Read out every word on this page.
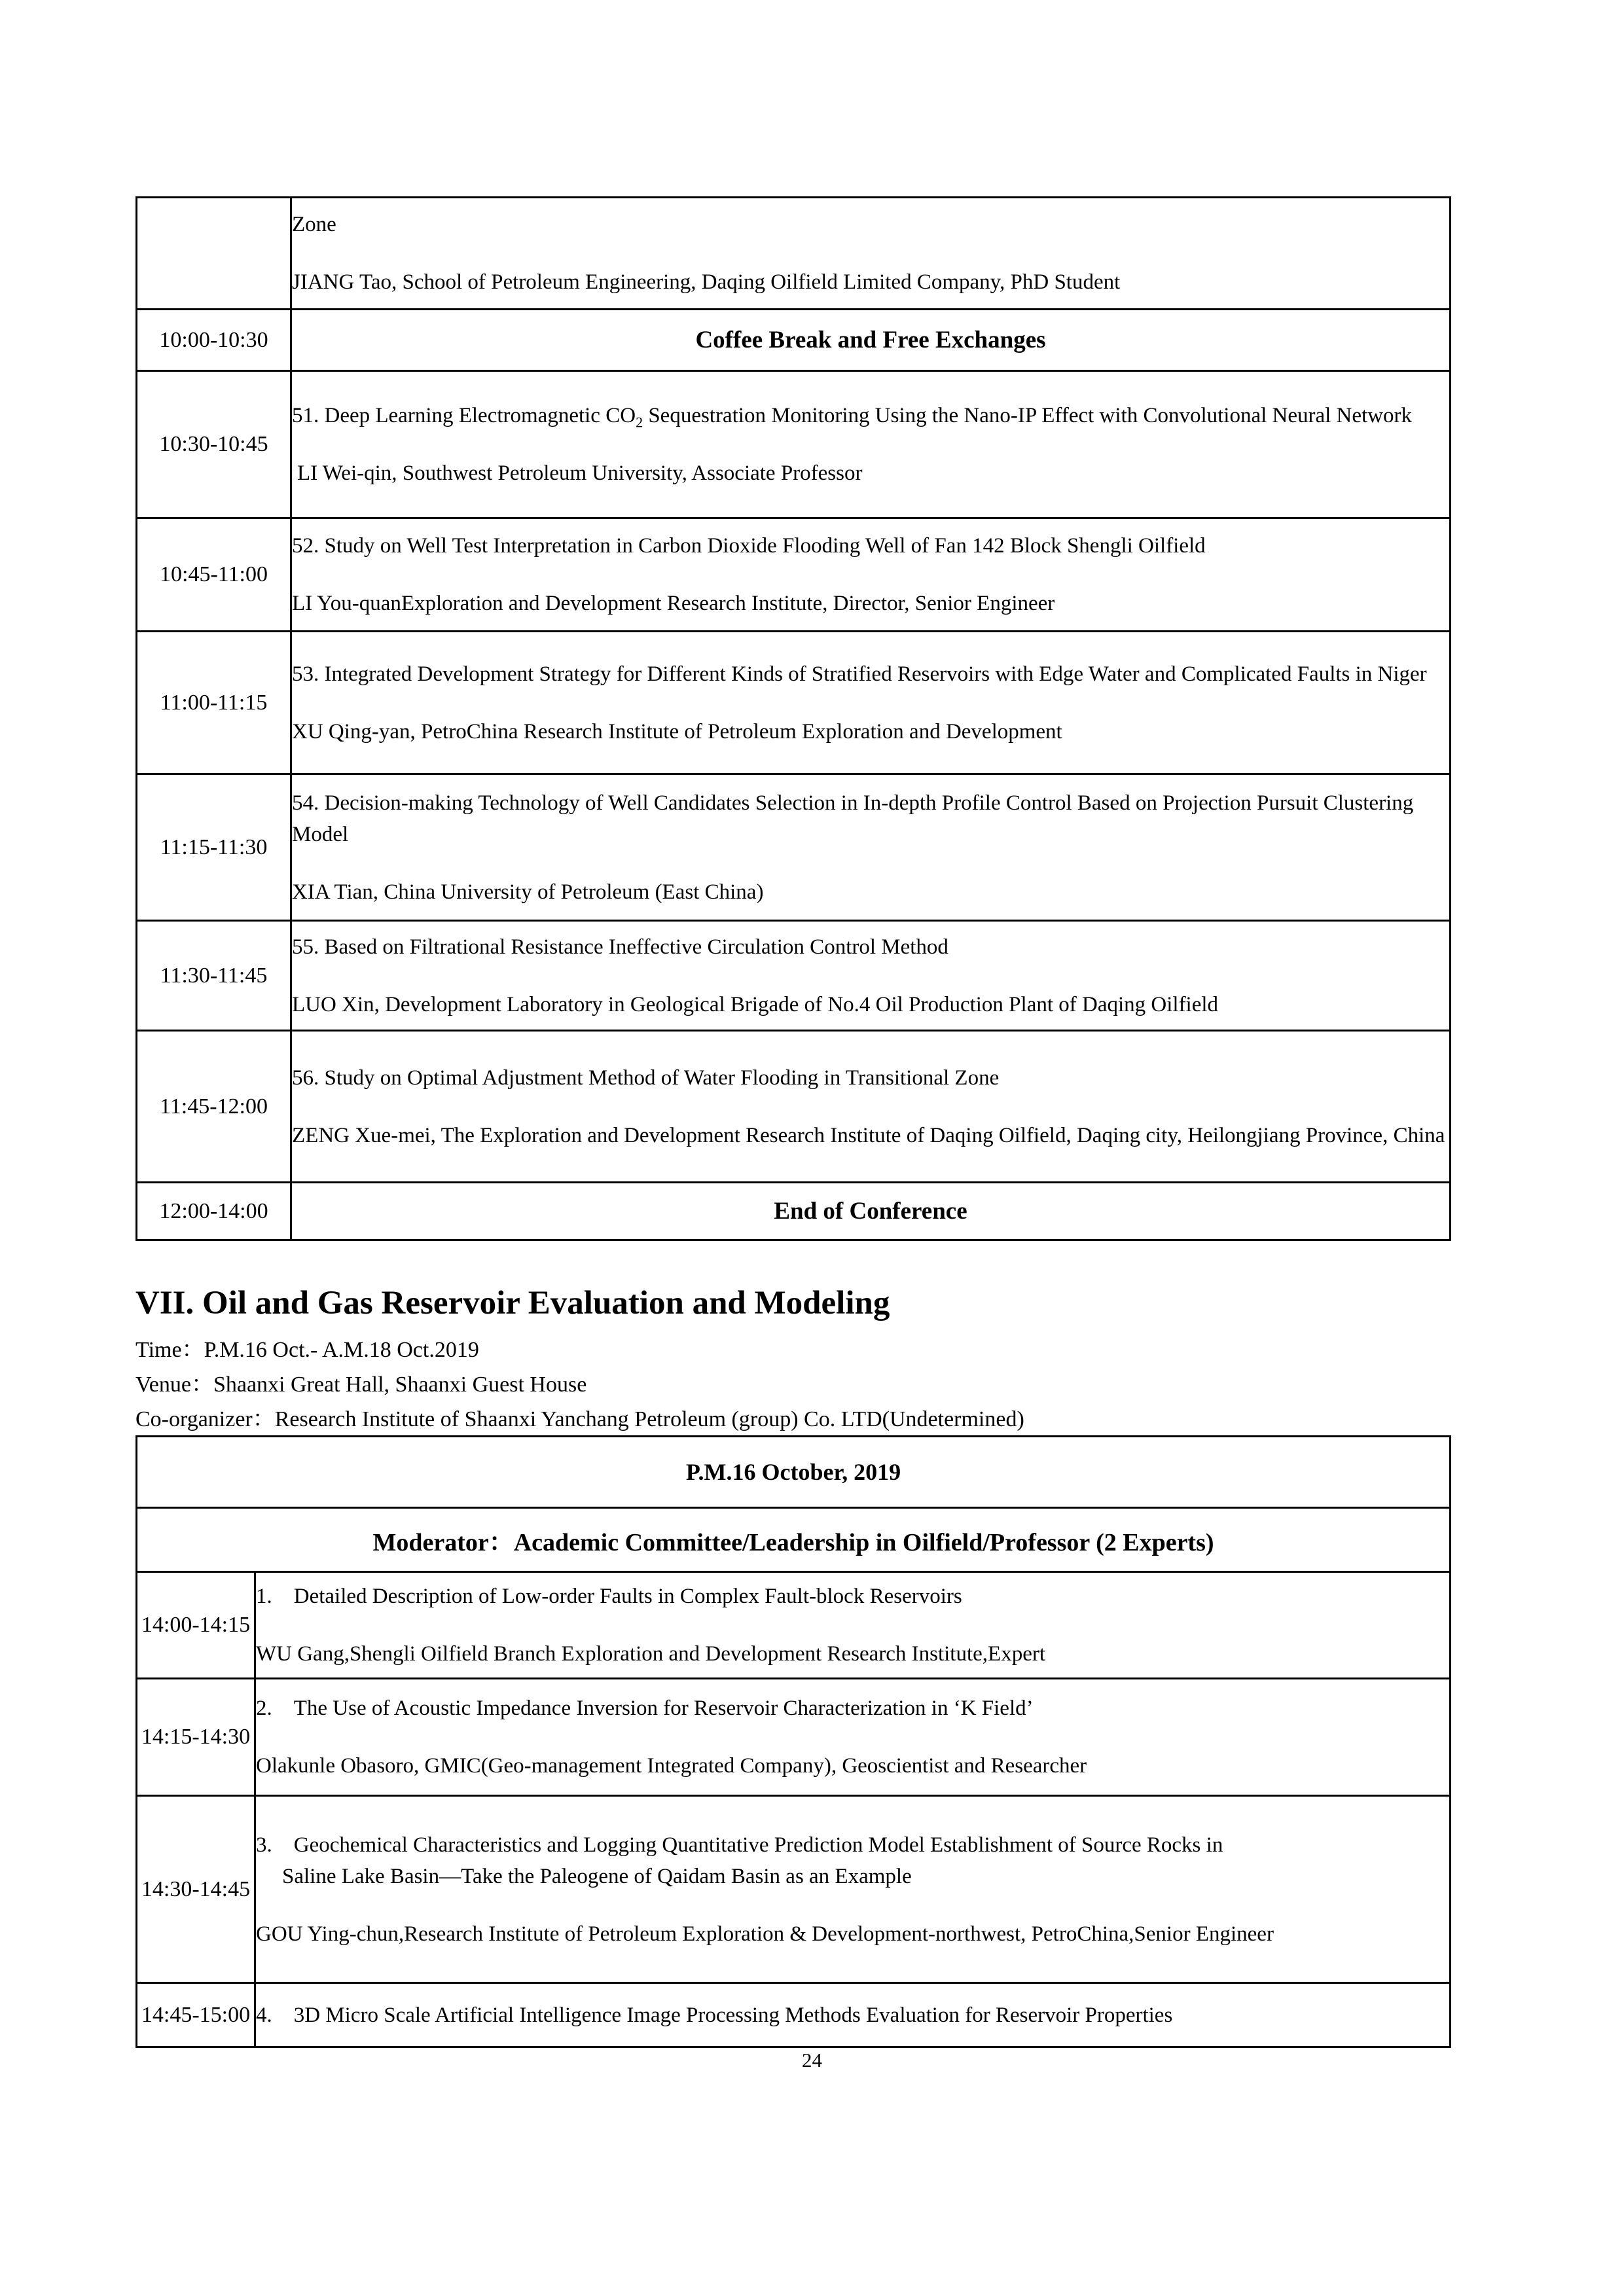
	Zone
JIANG Tao, School of Petroleum Engineering, Daqing Oilfield Limited Company, PhD Student

10:00-10:30	Coffee Break and Free Exchanges
10:30-10:45	51. Deep Learning Electromagnetic $CO_2$ Sequestration Monitoring Using the Nano-IP Effect with Convolutional Neural Network
LI Wei-qin, Southwest Petroleum University, Associate Professor

10:45-11:00	52. Study on Well Test Interpretation in Carbon Dioxide Flooding Well of Fan 142 Block Shengli Oilfield
LI You-quanExploration and Development Research Institute, Director, Senior Engineer

11:00-11:15	53. Integrated Development Strategy for Different Kinds of Stratified Reservoirs with Edge Water and Complicated Faults in Niger
XU Qing-yan, PetroChina Research Institute of Petroleum Exploration and Development

11:15-11:30	54. Decision-making Technology of Well Candidates Selection in In-depth Profile Control Based on Projection Pursuit Clustering Model
XIA Tian, China University of Petroleum (East China)

11:30-11:45	55. Based on Filtrational Resistance Ineffective Circulation Control Method
LUO Xin, Development Laboratory in Geological Brigade of No.4 Oil Production Plant of Daqing Oilfield

11:45-12:00	56. Study on Optimal Adjustment Method of Water Flooding in Transitional Zone
ZENG Xue-mei, The Exploration and Development Research Institute of Daqing Oilfield, Daqing city, Heilongjiang Province, China

12:00-14:00	End of Conference
VII. Oil and Gas Reservoir Evaluation and Modeling
Time：P.M.16 Oct.- A.M.18 Oct.2019
Venue：Shaanxi Great Hall, Shaanxi Guest House
Co-organizer：Research Institute of Shaanxi Yanchang Petroleum (group) Co. LTD(Undetermined)
P.M.16 October, 2019	
Moderator：Academic Committee/Leadership in Oilfield/Professor (2 Experts)	
14:00-14:15	1. Detailed Description of Low-order Faults in Complex Fault-block Reservoirs
WU Gang,Shengli Oilfield Branch Exploration and Development Research Institute,Expert

14:15-14:30	2. The Use of Acoustic Impedance Inversion for Reservoir Characterization in ‘K Field’
Olakunle Obasoro, GMIC(Geo-management Integrated Company), Geoscientist and Researcher

14:30-14:45	3. Geochemical Characteristics and Logging Quantitative Prediction Model Establishment of Source Rocks in
Saline Lake Basin—Take the Paleogene of Qaidam Basin as an Example
GOU Ying-chun,Research Institute of Petroleum Exploration & Development-northwest, PetroChina,Senior Engineer

14:45-15:00	4. 3D Micro Scale Artificial Intelligence Image Processing Methods Evaluation for Reservoir Properties
24
